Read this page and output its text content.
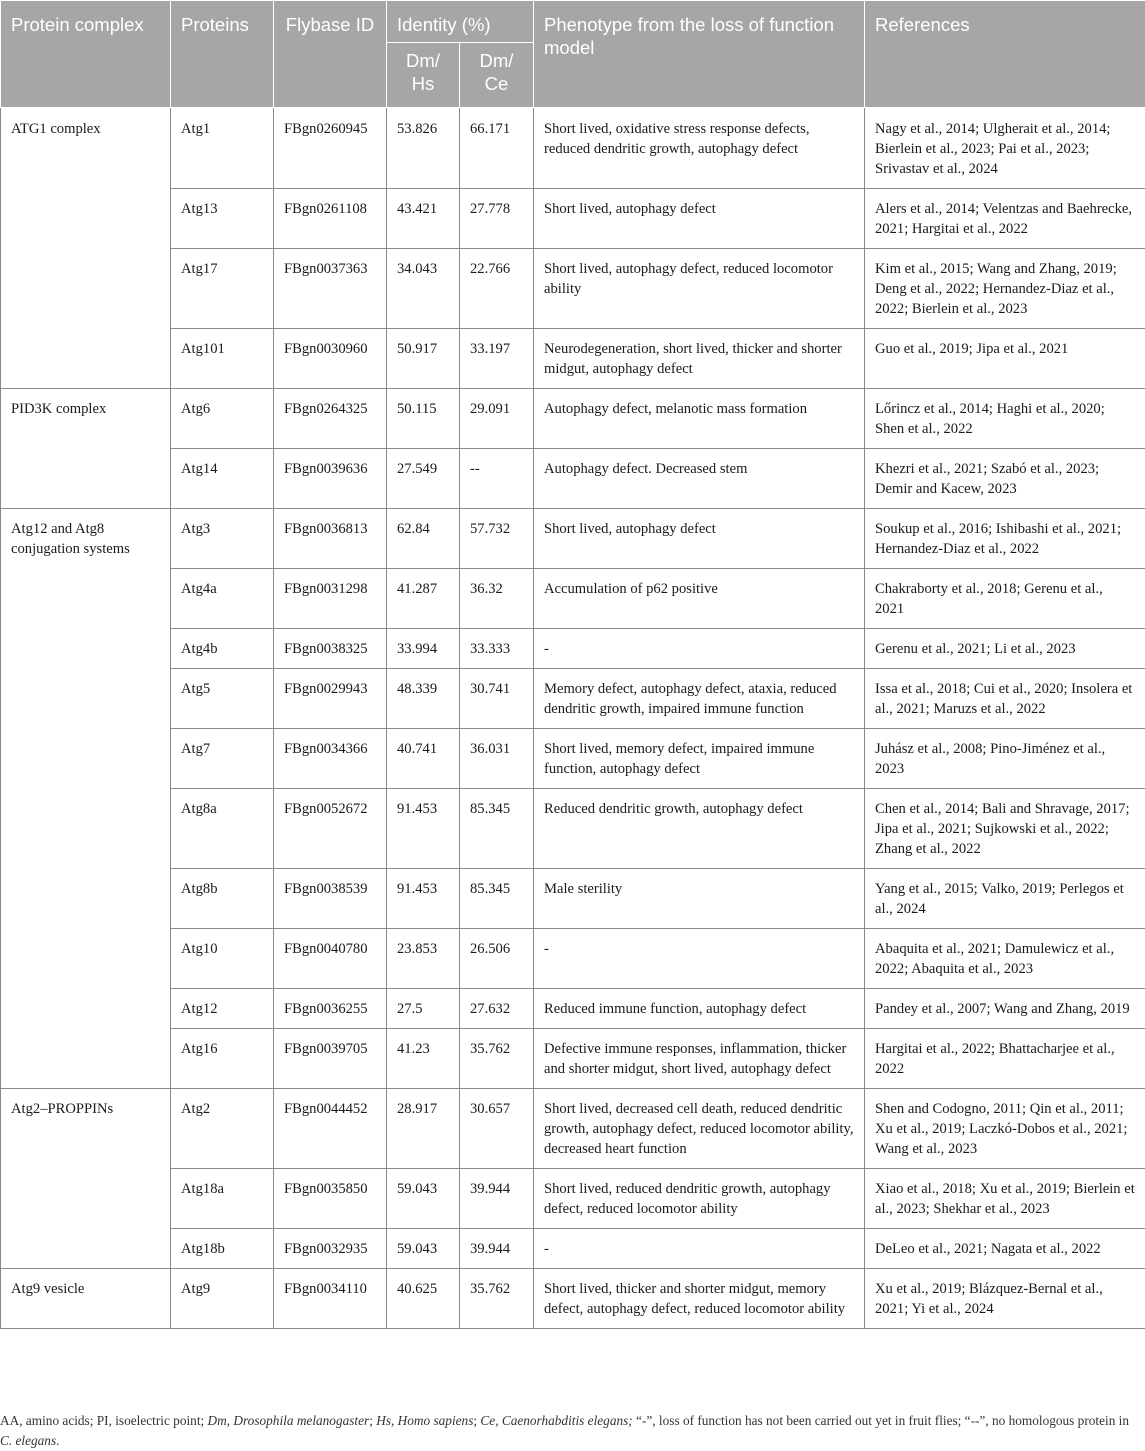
Protein complex	Proteins	Flybase ID	Identity (%)		Phenotype from the loss of function model	References
			Dm/ Hs	Dm/ Ce		
ATG1 complex	Atg1	FBgn0260945	53.826	66.171	Short lived, oxidative stress response defects, reduced dendritic growth, autophagy defect	Nagy et al., 2014; Ulgherait et al., 2014; Bierlein et al., 2023; Pai et al., 2023; Srivastav et al., 2024
	Atg13	FBgn0261108	43.421	27.778	Short lived, autophagy defect	Alers et al., 2014; Velentzas and Baehrecke, 2021; Hargitai et al., 2022
	Atg17	FBgn0037363	34.043	22.766	Short lived, autophagy defect, reduced locomotor ability	Kim et al., 2015; Wang and Zhang, 2019; Deng et al., 2022; Hernandez-Diaz et al., 2022; Bierlein et al., 2023
	Atg101	FBgn0030960	50.917	33.197	Neurodegeneration, short lived, thicker and shorter midgut, autophagy defect	Guo et al., 2019; Jipa et al., 2021
PID3K complex	Atg6	FBgn0264325	50.115	29.091	Autophagy defect, melanotic mass formation	Lőrincz et al., 2014; Haghi et al., 2020; Shen et al., 2022
	Atg14	FBgn0039636	27.549	--	Autophagy defect. Decreased stem	Khezri et al., 2021; Szabó et al., 2023; Demir and Kacew, 2023
Atg12 and Atg8 conjugation systems	Atg3	FBgn0036813	62.84	57.732	Short lived, autophagy defect	Soukup et al., 2016; Ishibashi et al., 2021; Hernandez-Diaz et al., 2022
	Atg4a	FBgn0031298	41.287	36.32	Accumulation of p62 positive	Chakraborty et al., 2018; Gerenu et al., 2021
	Atg4b	FBgn0038325	33.994	33.333	-	Gerenu et al., 2021; Li et al., 2023
	Atg5	FBgn0029943	48.339	30.741	Memory defect, autophagy defect, ataxia, reduced dendritic growth, impaired immune function	Issa et al., 2018; Cui et al., 2020; Insolera et al., 2021; Maruzs et al., 2022
	Atg7	FBgn0034366	40.741	36.031	Short lived, memory defect, impaired immune function, autophagy defect	Juhász et al., 2008; Pino-Jiménez et al., 2023
	Atg8a	FBgn0052672	91.453	85.345	Reduced dendritic growth, autophagy defect	Chen et al., 2014; Bali and Shravage, 2017; Jipa et al., 2021; Sujkowski et al., 2022; Zhang et al., 2022
	Atg8b	FBgn0038539	91.453	85.345	Male sterility	Yang et al., 2015; Valko, 2019; Perlegos et al., 2024
	Atg10	FBgn0040780	23.853	26.506	-	Abaquita et al., 2021; Damulewicz et al., 2022; Abaquita et al., 2023
	Atg12	FBgn0036255	27.5	27.632	Reduced immune function, autophagy defect	Pandey et al., 2007; Wang and Zhang, 2019
	Atg16	FBgn0039705	41.23	35.762	Defective immune responses, inflammation, thicker and shorter midgut, short lived, autophagy defect	Hargitai et al., 2022; Bhattacharjee et al., 2022
Atg2–PROPPINs	Atg2	FBgn0044452	28.917	30.657	Short lived, decreased cell death, reduced dendritic growth, autophagy defect, reduced locomotor ability, decreased heart function	Shen and Codogno, 2011; Qin et al., 2011; Xu et al., 2019; Laczkó-Dobos et al., 2021; Wang et al., 2023
	Atg18a	FBgn0035850	59.043	39.944	Short lived, reduced dendritic growth, autophagy defect, reduced locomotor ability	Xiao et al., 2018; Xu et al., 2019; Bierlein et al., 2023; Shekhar et al., 2023
	Atg18b	FBgn0032935	59.043	39.944	-	DeLeo et al., 2021; Nagata et al., 2022
Atg9 vesicle	Atg9	FBgn0034110	40.625	35.762	Short lived, thicker and shorter midgut, memory defect, autophagy defect, reduced locomotor ability	Xu et al., 2019; Blázquez-Bernal et al., 2021; Yi et al., 2024
AA, amino acids; PI, isoelectric point; Dm, Drosophila melanogaster; Hs, Homo sapiens; Ce, Caenorhabditis elegans; “-”, loss of function has not been carried out yet in fruit flies; “--”, no homologous protein in C. elegans.
